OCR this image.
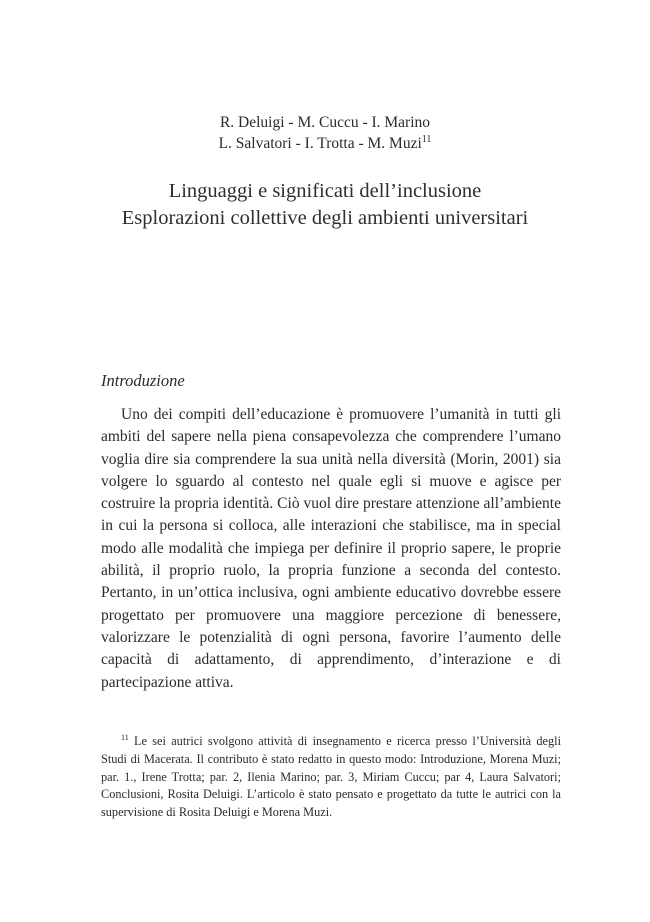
R. Deluigi - M. Cuccu - I. Marino
L. Salvatori - I. Trotta - M. Muzi$^{11}$
Linguaggi e significati dell’inclusione
Esplorazioni collettive degli ambienti universitari
Introduzione

Uno dei compiti dell’educazione è promuovere l’umanità in tutti gli ambiti del sapere nella piena consapevolezza che comprendere l’umano voglia dire sia comprendere la sua unità nella diversità (Morin, 2001) sia volgere lo sguardo al contesto nel quale egli si muove e agisce per costruire la propria identità. Ciò vuol dire prestare attenzione all’ambiente in cui la persona si colloca, alle interazioni che stabilisce, ma in special modo alle modalità che impiega per definire il proprio sapere, le proprie abilità, il proprio ruolo, la propria funzione a seconda del contesto. Pertanto, in un’ottica inclusiva, ogni ambiente educativo dovrebbe essere progettato per promuovere una maggiore percezione di benessere, valorizzare le potenzialità di ogni persona, favorire l’aumento delle capacità di adattamento, di apprendimento, d’interazione e di partecipazione attiva.

$^{11}$ Le sei autrici svolgono attività di insegnamento e ricerca presso l’Università degli Studi di Macerata. Il contributo è stato redatto in questo modo: Introduzione, Morena Muzi; par. 1., Irene Trotta; par. 2, Ilenia Marino; par. 3, Miriam Cuccu; par 4, Laura Salvatori; Conclusioni, Rosita Deluigi. L’articolo è stato pensato e progettato da tutte le autrici con la supervisione di Rosita Deluigi e Morena Muzi.
